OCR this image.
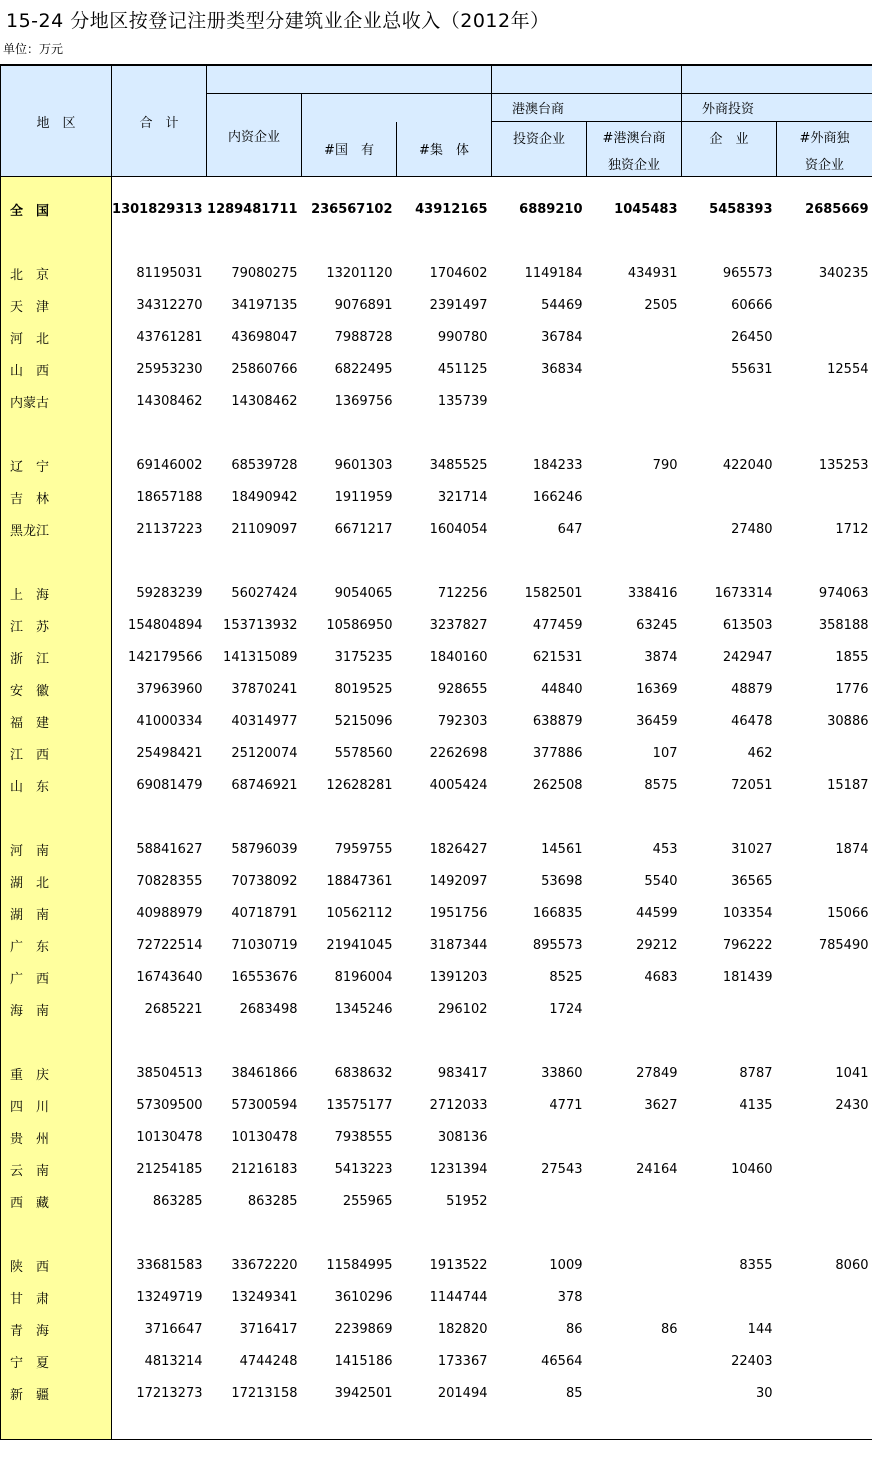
15-24 分地区按登记注册类型分建筑业企业总收入（2012年）
单位：万元
地　区	合　计							
		内资企业			港澳台商		外商投资	
			#国　有	#集　体	投资企业	#港澳台商	企　业	#外商独
						独资企业		资企业

全　国	1301829313	1289481711	236567102	43912165	6889210	1045483	5458393	2685669

北　京	81195031	79080275	13201120	1704602	1149184	434931	965573	340235
天　津	34312270	34197135	9076891	2391497	54469	2505	60666	
河　北	43761281	43698047	7988728	990780	36784		26450	
山　西	25953230	25860766	6822495	451125	36834		55631	12554
内蒙古	14308462	14308462	1369756	135739				

辽　宁	69146002	68539728	9601303	3485525	184233	790	422040	135253
吉　林	18657188	18490942	1911959	321714	166246			
黑龙江	21137223	21109097	6671217	1604054	647		27480	1712

上　海	59283239	56027424	9054065	712256	1582501	338416	1673314	974063
江　苏	154804894	153713932	10586950	3237827	477459	63245	613503	358188
浙　江	142179566	141315089	3175235	1840160	621531	3874	242947	1855
安　徽	37963960	37870241	8019525	928655	44840	16369	48879	1776
福　建	41000334	40314977	5215096	792303	638879	36459	46478	30886
江　西	25498421	25120074	5578560	2262698	377886	107	462	
山　东	69081479	68746921	12628281	4005424	262508	8575	72051	15187

河　南	58841627	58796039	7959755	1826427	14561	453	31027	1874
湖　北	70828355	70738092	18847361	1492097	53698	5540	36565	
湖　南	40988979	40718791	10562112	1951756	166835	44599	103354	15066
广　东	72722514	71030719	21941045	3187344	895573	29212	796222	785490
广　西	16743640	16553676	8196004	1391203	8525	4683	181439	
海　南	2685221	2683498	1345246	296102	1724			

重　庆	38504513	38461866	6838632	983417	33860	27849	8787	1041
四　川	57309500	57300594	13575177	2712033	4771	3627	4135	2430
贵　州	10130478	10130478	7938555	308136				
云　南	21254185	21216183	5413223	1231394	27543	24164	10460	
西　藏	863285	863285	255965	51952				

陕　西	33681583	33672220	11584995	1913522	1009		8355	8060
甘　肃	13249719	13249341	3610296	1144744	378			
青　海	3716647	3716417	2239869	182820	86	86	144	
宁　夏	4813214	4744248	1415186	173367	46564		22403	
新　疆	17213273	17213158	3942501	201494	85		30	
